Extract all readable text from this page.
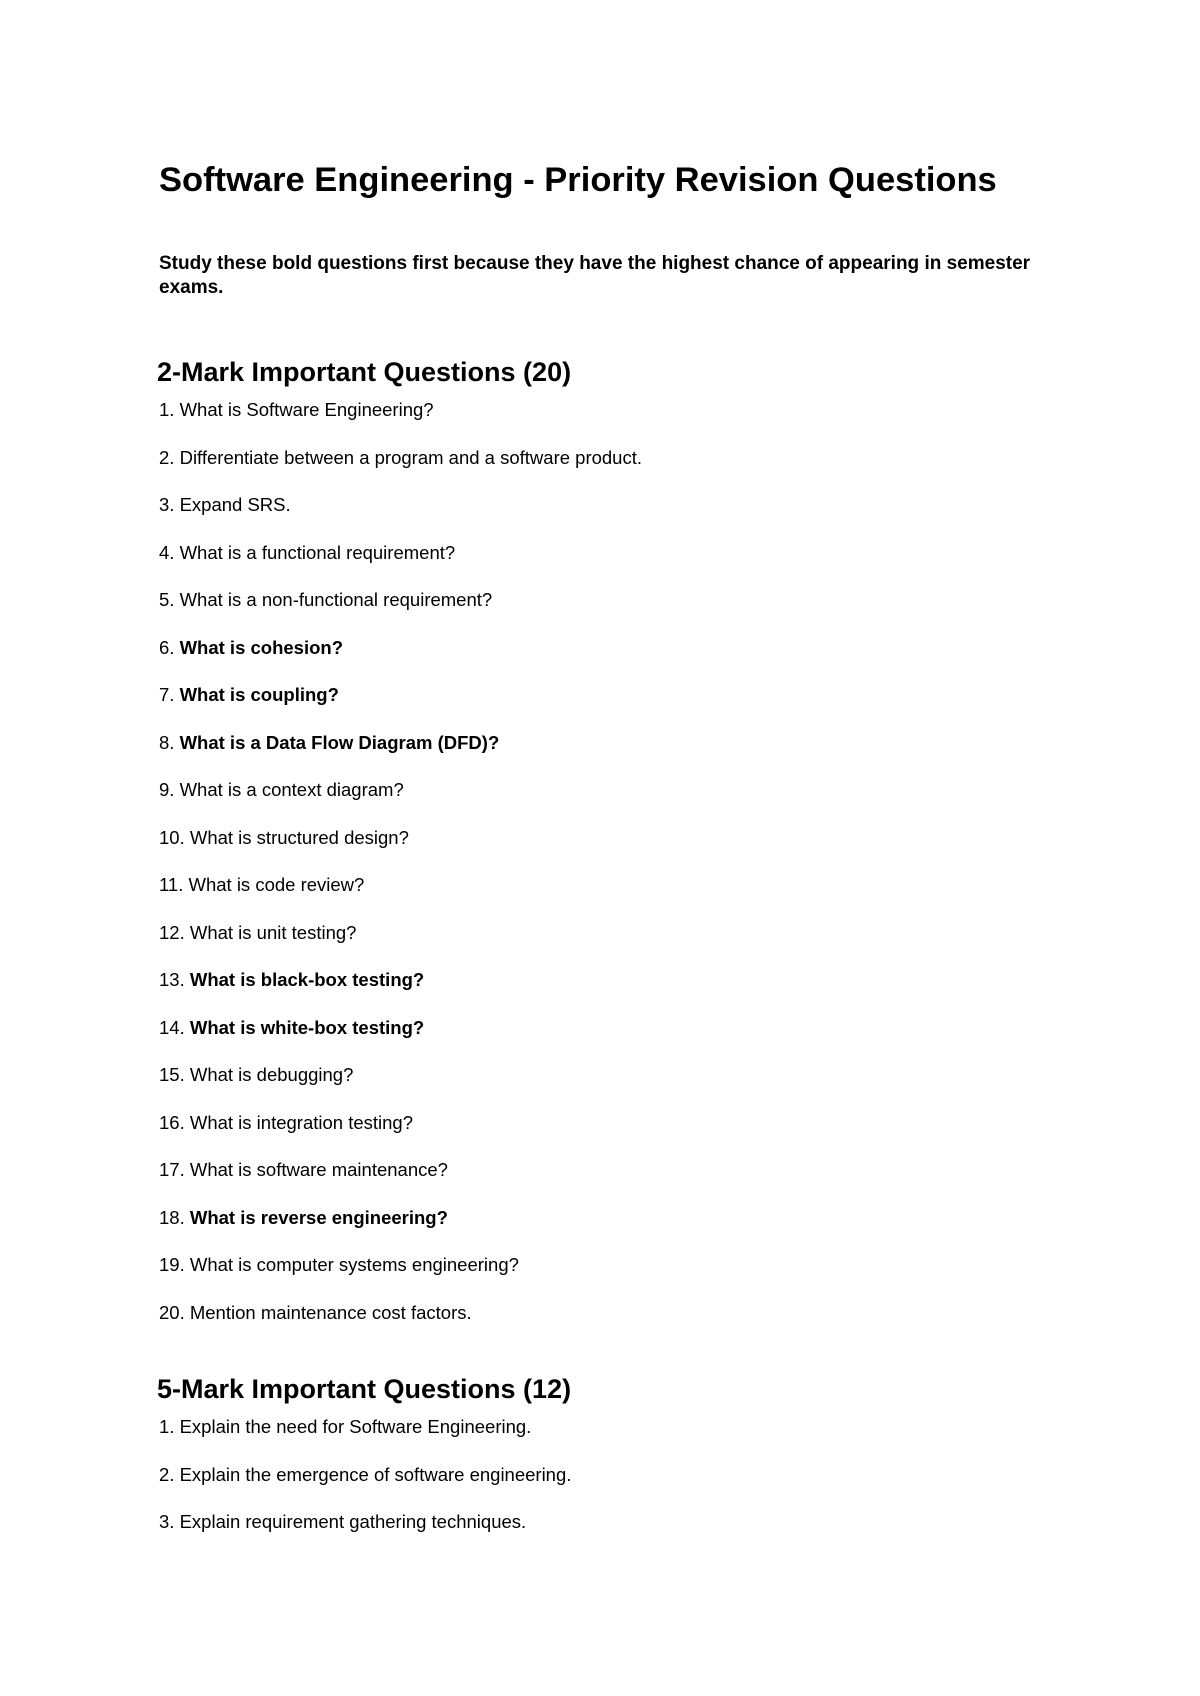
Software Engineering - Priority Revision Questions

Study these bold questions first because they have the highest chance of appearing in semester exams.

2-Mark Important Questions (20)
1. What is Software Engineering?
2. Differentiate between a program and a software product.
3. Expand SRS.
4. What is a functional requirement?
5. What is a non-functional requirement?
6. What is cohesion?
7. What is coupling?
8. What is a Data Flow Diagram (DFD)?
9. What is a context diagram?
10. What is structured design?
11. What is code review?
12. What is unit testing?
13. What is black-box testing?
14. What is white-box testing?
15. What is debugging?
16. What is integration testing?
17. What is software maintenance?
18. What is reverse engineering?
19. What is computer systems engineering?
20. Mention maintenance cost factors.
5-Mark Important Questions (12)
1. Explain the need for Software Engineering.
2. Explain the emergence of software engineering.
3. Explain requirement gathering techniques.
